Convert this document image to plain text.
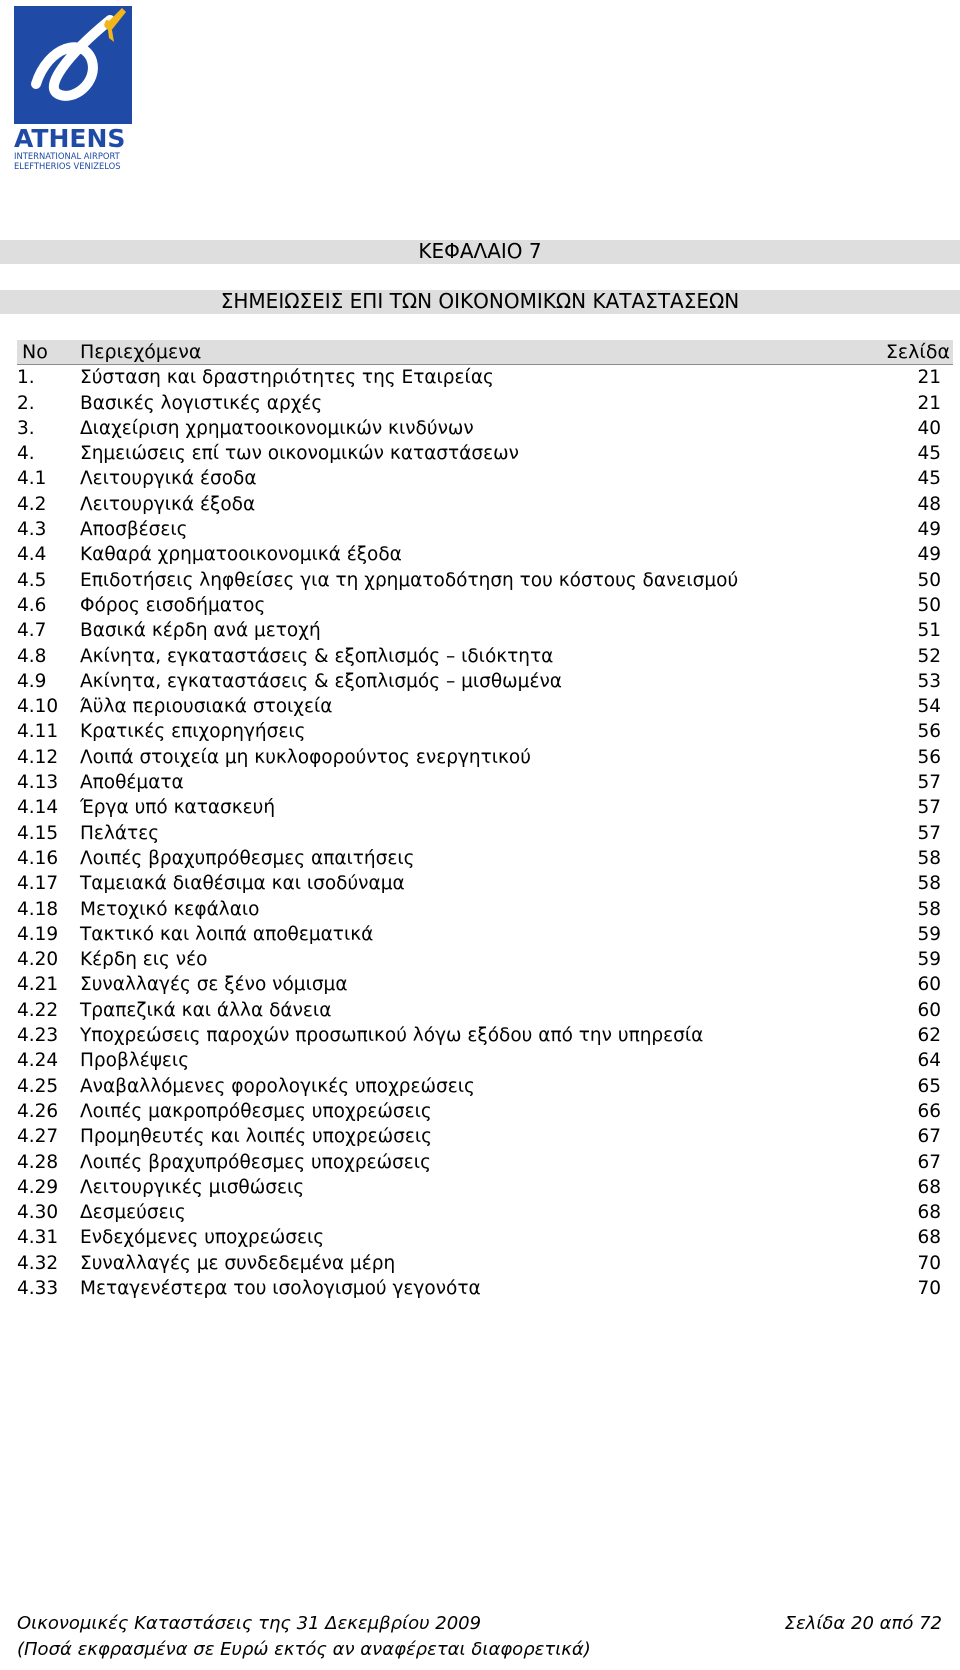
ATHENS
INTERNATIONAL AIRPORT
ELEFTHERIOS VENIZELOS
ΚΕΦΑΛΑΙΟ 7
ΣΗΜΕΙΩΣΕΙΣ ΕΠΙ ΤΩΝ ΟΙΚΟΝΟΜΙΚΩΝ ΚΑΤΑΣΤΑΣΕΩΝ
Νο Περιεχόμενα	Σελίδα
1. Σύσταση και δραστηριότητες της Εταιρείας	21
2. Βασικές λογιστικές αρχές	21
3. Διαχείριση χρηματοοικονομικών κινδύνων	40
4. Σημειώσεις επί των οικονομικών καταστάσεων	45
4.1 Λειτουργικά έσοδα	45
4.2 Λειτουργικά έξοδα	48
4.3 Αποσβέσεις	49
4.4 Καθαρά χρηματοοικονομικά έξοδα	49
4.5 Επιδοτήσεις ληφθείσες για τη χρηματοδότηση του κόστους δανεισμού	50
4.6 Φόρος εισοδήματος	50
4.7 Βασικά κέρδη ανά μετοχή	51
4.8 Ακίνητα, εγκαταστάσεις & εξοπλισμός – ιδιόκτητα	52
4.9 Ακίνητα, εγκαταστάσεις & εξοπλισμός – μισθωμένα	53
4.10 Άϋλα περιουσιακά στοιχεία	54
4.11 Κρατικές επιχορηγήσεις	56
4.12 Λοιπά στοιχεία μη κυκλοφορούντος ενεργητικού	56
4.13 Αποθέματα	57
4.14 Έργα υπό κατασκευή	57
4.15 Πελάτες	57
4.16 Λοιπές βραχυπρόθεσμες απαιτήσεις	58
4.17 Ταμειακά διαθέσιμα και ισοδύναμα	58
4.18 Μετοχικό κεφάλαιο	58
4.19 Τακτικό και λοιπά αποθεματικά	59
4.20 Κέρδη εις νέο	59
4.21 Συναλλαγές σε ξένο νόμισμα	60
4.22 Τραπεζικά και άλλα δάνεια	60
4.23 Υποχρεώσεις παροχών προσωπικού λόγω εξόδου από την υπηρεσία	62
4.24 Προβλέψεις	64
4.25 Αναβαλλόμενες φορολογικές υποχρεώσεις	65
4.26 Λοιπές μακροπρόθεσμες υποχρεώσεις	66
4.27 Προμηθευτές και λοιπές υποχρεώσεις	67
4.28 Λοιπές βραχυπρόθεσμες υποχρεώσεις	67
4.29 Λειτουργικές μισθώσεις	68
4.30 Δεσμεύσεις	68
4.31 Ενδεχόμενες υποχρεώσεις	68
4.32 Συναλλαγές με συνδεδεμένα μέρη	70
4.33 Μεταγενέστερα του ισολογισμού γεγονότα	70
Οικονομικές Καταστάσεις της 31 Δεκεμβρίου 2009	Σελίδα 20 από 72
(Ποσά εκφρασμένα σε Ευρώ εκτός αν αναφέρεται διαφορετικά)
